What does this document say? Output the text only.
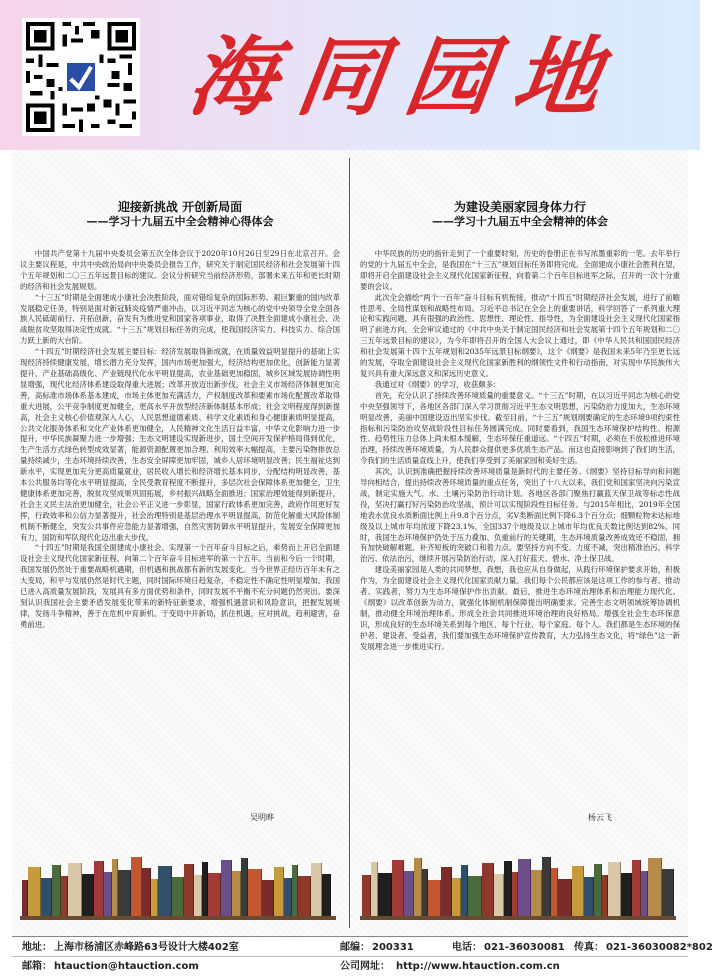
海同园地
迎接新挑战 开创新局面
——学习十九届五中全会精神心得体会

中国共产党第十九届中央委员会第五次全体会议于2020年10月26日至29日在北京召开。会议主要议程是，中共中央政治局向中央委员会报告工作，研究关于制定国民经济和社会发展第十四个五年规划和二〇三五年远景目标的建议。会议分析研究当前经济形势，部署未来五年和更长时期的经济和社会发展规划。

“十三五”时期是全面建成小康社会决胜阶段，面对错综复杂的国际形势、艰巨繁重的国内改革发展稳定任务，特别是面对新冠肺炎疫情严重冲击，以习近平同志为核心的党中央领导全党全国各族人民砥砺前行、开拓创新，奋发有为推进党和国家各项事业，取得了决胜全面建成小康社会、决战脱贫攻坚取得决定性成就。“十三五”规划目标任务的完成，使我国经济实力、科技实力、综合国力跃上新的大台阶。

“十四五”时期经济社会发展主要目标：经济发展取得新成就，在质量效益明显提升的基础上实现经济持续健康发展，增长潜力充分发挥，国内市场更加强大，经济结构更加优化，创新能力显著提升，产业基础高级化、产业链现代化水平明显提高，农业基础更加稳固，城乡区域发展协调性明显增强，现代化经济体系建设取得重大进展；改革开放迈出新步伐，社会主义市场经济体制更加完善，高标准市场体系基本建成，市场主体更加充满活力，产权制度改革和要素市场化配置改革取得重大进展，公平竞争制度更加健全，更高水平开放型经济新体制基本形成；社会文明程度得到新提高，社会主义核心价值观深入人心，人民思想道德素质、科学文化素质和身心健康素质明显提高，公共文化服务体系和文化产业体系更加健全，人民精神文化生活日益丰富，中华文化影响力进一步提升，中华民族凝聚力进一步增强；生态文明建设实现新进步，国土空间开发保护格局得到优化，生产生活方式绿色转型成效显著，能源资源配置更加合理、利用效率大幅提高，主要污染物排放总量持续减少，生态环境持续改善，生态安全屏障更加牢固，城乡人居环境明显改善；民生福祉达到新水平，实现更加充分更高质量就业，居民收入增长和经济增长基本同步，分配结构明显改善，基本公共服务均等化水平明显提高，全民受教育程度不断提升，多层次社会保障体系更加健全，卫生健康体系更加完善，脱贫攻坚成果巩固拓展，乡村振兴战略全面推进；国家治理效能得到新提升，社会主义民主法治更加健全，社会公平正义进一步彰显，国家行政体系更加完善，政府作用更好发挥，行政效率和公信力显著提升，社会治理特别是基层治理水平明显提高，防范化解重大风险体制机制不断健全，突发公共事件应急能力显著增强，自然灾害防御水平明显提升，发展安全保障更加有力，国防和军队现代化迈出重大步伐。

“十四五”时期是我国全面建成小康社会、实现第一个百年奋斗目标之后，乘势而上开启全面建设社会主义现代化国家新征程、向第二个百年奋斗目标进军的第一个五年。当前和今后一个时期，我国发展仍然处于重要战略机遇期，但机遇和挑战都有新的发展变化。当今世界正经历百年未有之大变局，和平与发展仍然是时代主题，同时国际环境日趋复杂，不稳定性不确定性明显增加。我国已进入高质量发展阶段，发展具有多方面优势和条件，同时发展不平衡不充分问题仍然突出。要深刻认识我国社会主要矛盾发展变化带来的新特征新要求，增强机遇意识和风险意识，把握发展规律，发扬斗争精神，善于在危机中育新机、于变局中开新局，抓住机遇，应对挑战，趋利避害，奋勇前进。

为建设美丽家园身体力行
——学习十九届五中全会精神的体会

中华民族的历史的指针走到了一个重要时刻，历史的卷册正在书写浓墨重彩的一笔。去年举行的党的十九届五中全会，是我国在“十三五”规划目标任务即将完成、全面建成小康社会胜利在望，即将开启全面建设社会主义现代化国家新征程、向着第二个百年目标进军之际，召开的一次十分重要的会议。

此次全会描绘“两个一百年”奋斗目标有机衔接，推动“十四五”时期经济社会发展，进行了前瞻性思考、全局性谋划和战略性布局。习近平总书记在全会上的重要讲话，科学回答了一系列重大理论和实践问题，具有很强的政治性、思想性、理论性、指导性，为全面建设社会主义现代化国家指明了前进方向。全会审议通过的《中共中央关于制定国民经济和社会发展第十四个五年规划和二〇三五年远景目标的建议》，为今年即将召开的全国人大会议上通过，即《中华人民共和国国民经济和社会发展第十四个五年规划和2035年远景目标纲要》，这个《纲要》是我国未来5年乃至更长远的发展，夺取全面建设社会主义现代化国家新胜利的纲领性文件和行动指南，对实现中华民族伟大复兴具有重大深远意义和深远历史意义。

我通过对《纲要》的学习，收获颇多：

首先，充分认识了持续改善环境质量的重要意义。“十三五”时期，在以习近平同志为核心的党中央坚强领导下，各地区各部门深入学习贯彻习近平生态文明思想，污染防治力度加大，生态环境明显改善，美丽中国建设迈出坚实步伐。截至目前，“十三五”规划纲要确定的生态环境9项约束性指标和污染防治攻坚战阶段性目标任务圆满完成。同时要看到，我国生态环境保护结构性、根源性、趋势性压力总体上尚未根本缓解，生态环保任重道远。“十四五”时期，必须在不放松推进环境治理，持续改善环境质量，为人民群众提供更多优质生态产品。而这也直接影响到了我们的生活，令我们的生活质量直线上升，使我们享受到了美丽家园和美好生活。

其次，认识到准确把握持续改善环境质量是新时代的主要任务。《纲要》坚持目标导向和问题导向相结合，提出持续改善环境质量的重点任务，突出了十八大以来，我们党和国家坚决向污染宣战，制定实施大气、水、土壤污染防治行动计划。各地区各部门聚焦打赢蓝天保卫战等标志性战役，坚决打赢打好污染防治攻坚战，预计可以实现阶段性目标任务。与2015年相比，2019年全国地表水优良水质断面比例上升9.8个百分点，劣V类断面比例下降6.3个百分点；细颗粒物未达标地级及以上城市年均浓度下降23.1%，全国337个地级及以上城市年均优良天数比例达到82%。同时，我国生态环境保护仍处于压力叠加、负重前行的关键期，生态环境质量改善成效还不稳固，拥有加快破解难题、补齐短板的突破口和着力点。要坚持方向不变、力度不减，突出精准治污、科学治污、依法治污，继续开展污染防治行动，深入打好蓝天、碧水、净土保卫战。

建设美丽家园是人类的共同梦想，我想，我也应从自身做起，从践行环境保护要求开始，积极作为，为全面建设社会主义现代化国家贡献力量。我们每个公民都应该是这项工作的参与者、推动者、实践者，努力为生态环境保护作出贡献。最后，推进生态环境治理体系和治理能力现代化。《纲要》以改革创新为动力，就强化体制机制保障提出明确要求。完善生态文明领域统筹协调机制，推动健全环境治理体系。形成全社会共同推进环境治理的良好格局。增强全社会生态环保意识，形成良好的生态环境关系到每个地区、每个行业、每个家庭、每个人。我们都是生态环境的保护者、建设者、受益者，我们要加强生态环境保护宣传教育，大力弘扬生态文化，将“绿色”这一新发展理念进一步推进实行。

吴明晔	杨云飞
地址： 上海市杨浦区赤峰路63号设计大楼402室	邮编： 200331	电话： 021-36030081 传真： 021-36030082*802
邮箱： htauction@htauction.com	公司网址： http://www.htauction.com.cn
